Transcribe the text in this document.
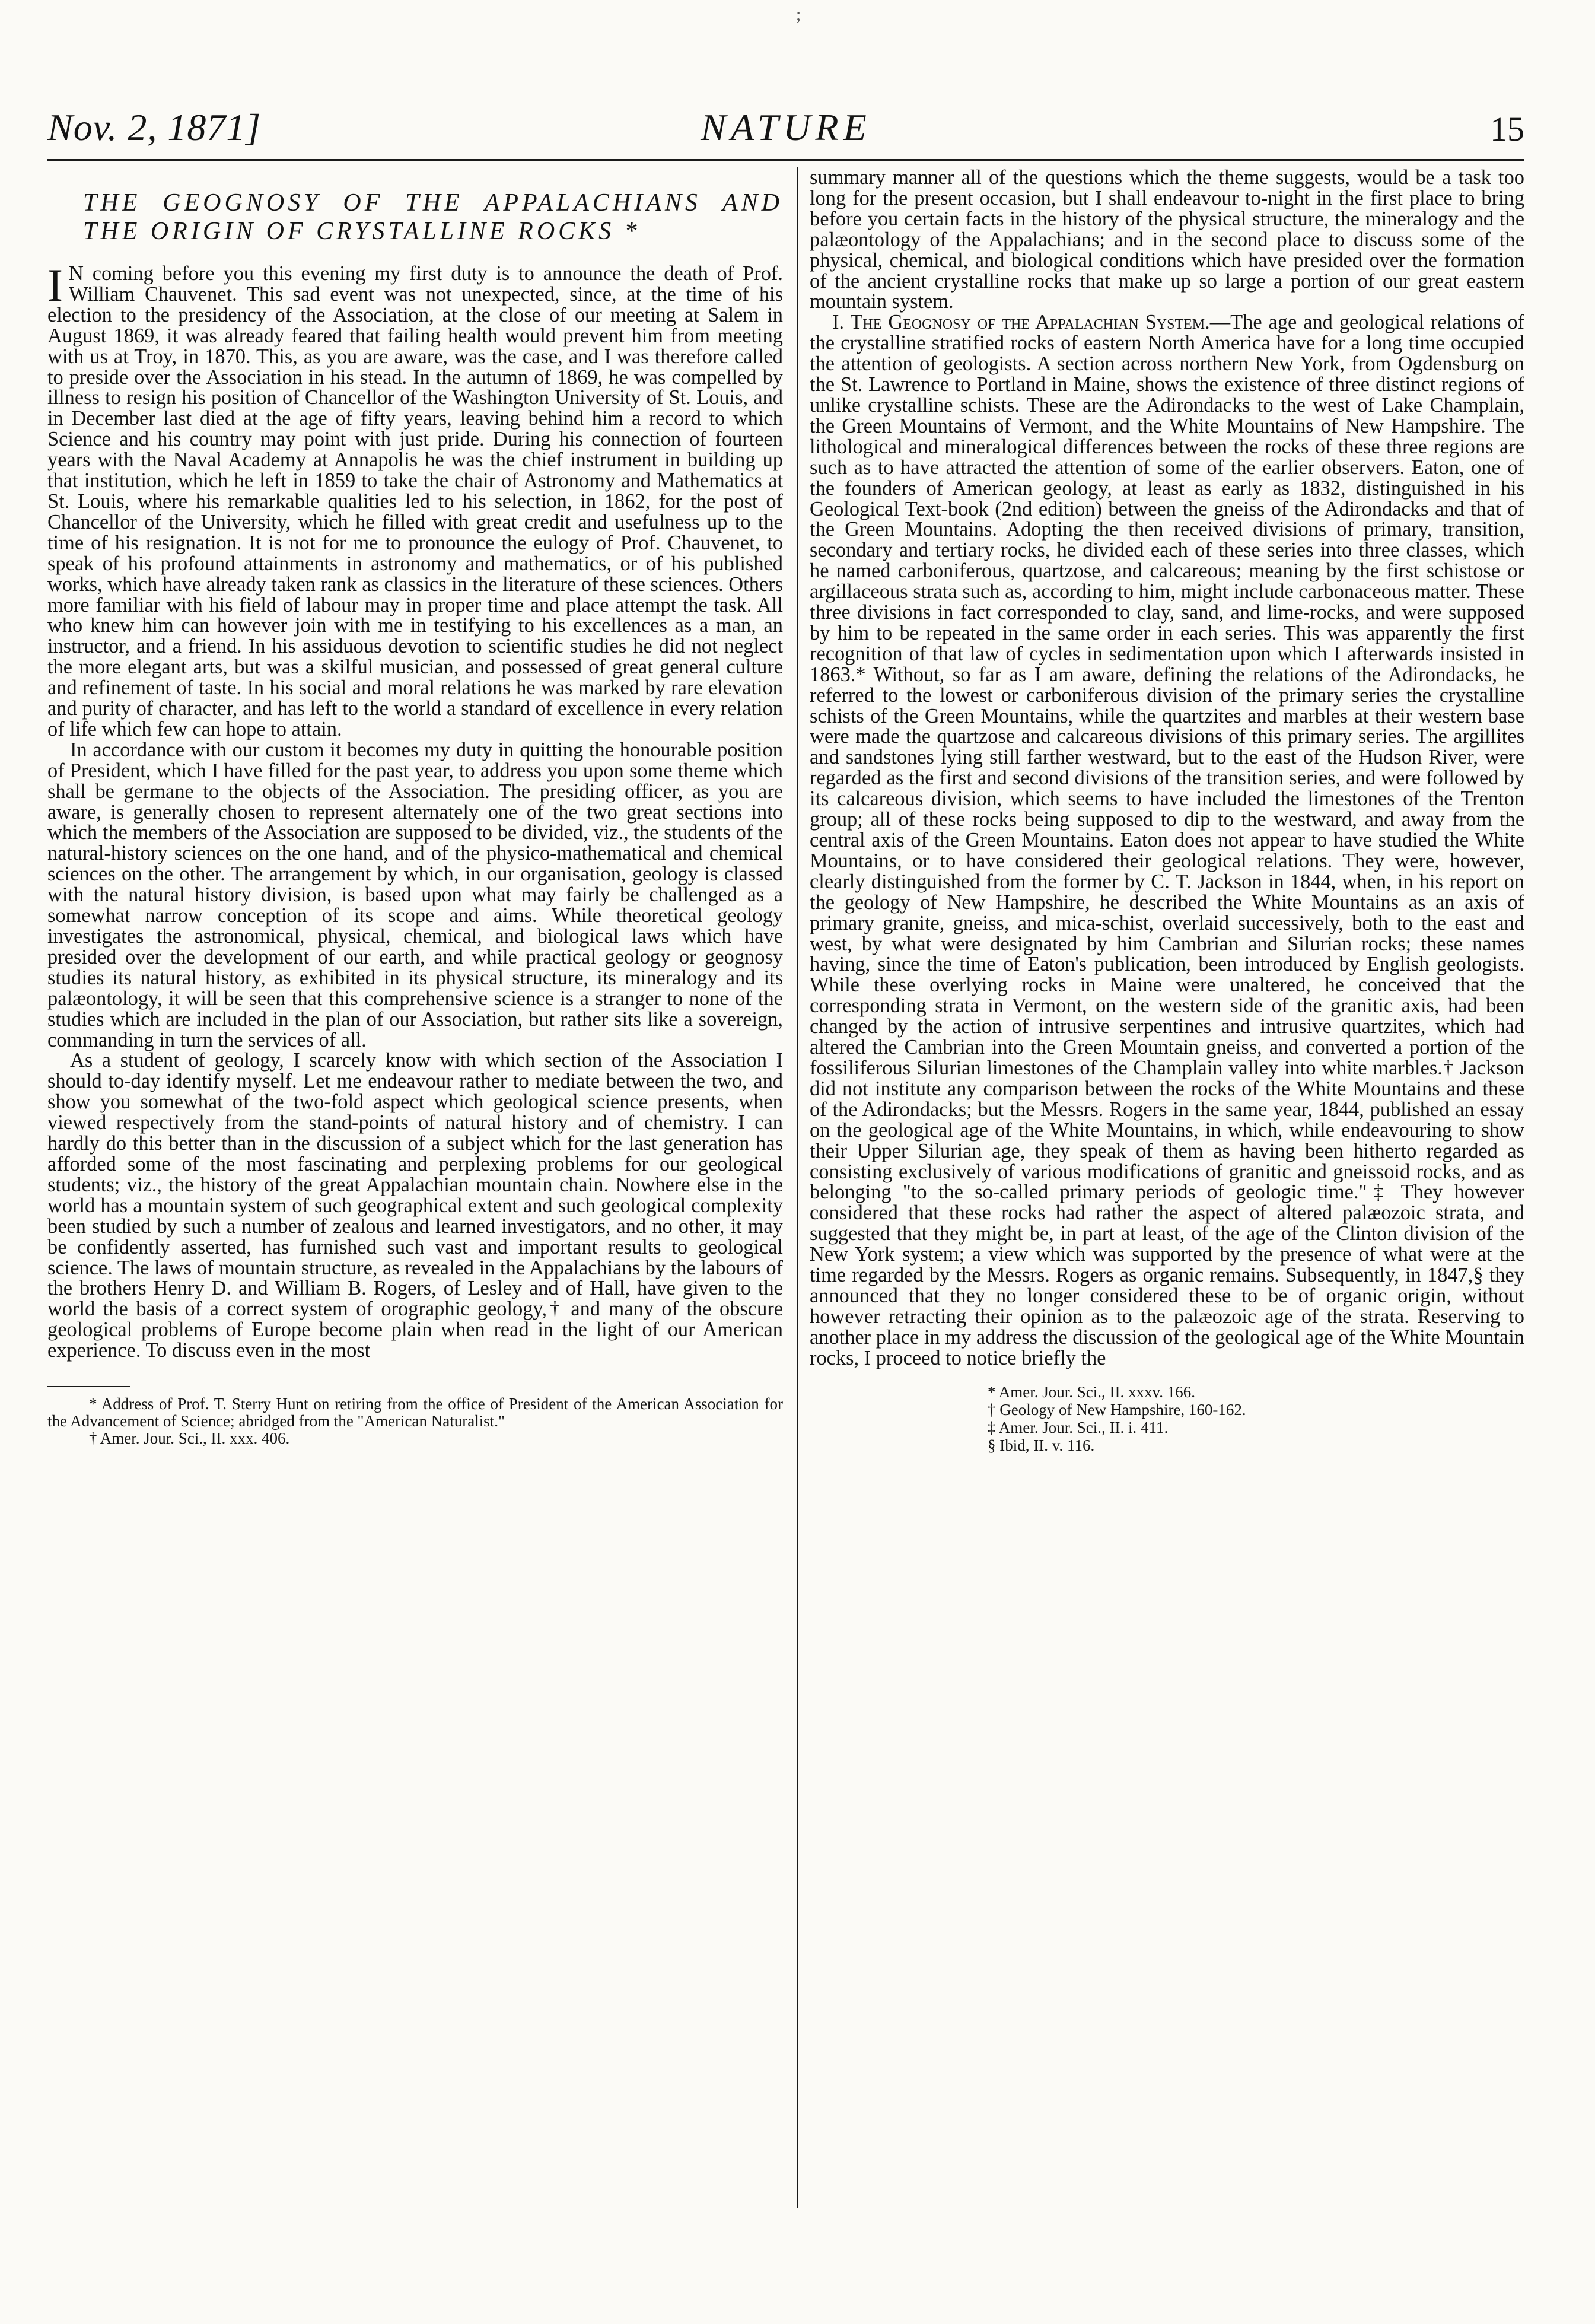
;
NATURE
Nov. 2, 1871]	15
THE GEOGNOSY OF THE APPALACHIANS AND THE ORIGIN OF CRYSTALLINE ROCKS *

I N coming before you this evening my first duty is to announce the death of Prof. William Chauvenet. This sad event was not unexpected, since, at the time of his election to the presidency of the Association, at the close of our meeting at Salem in August 1869, it was already feared that failing health would prevent him from meeting with us at Troy, in 1870. This, as you are aware, was the case, and I was therefore called to preside over the Association in his stead. In the autumn of 1869, he was compelled by illness to resign his position of Chancellor of the Washington University of St. Louis, and in December last died at the age of fifty years, leaving behind him a record to which Science and his country may point with just pride. During his connection of fourteen years with the Naval Academy at Annapolis he was the chief instrument in building up that institution, which he left in 1859 to take the chair of Astronomy and Mathematics at St. Louis, where his remarkable qualities led to his selection, in 1862, for the post of Chancellor of the University, which he filled with great credit and usefulness up to the time of his resignation. It is not for me to pronounce the eulogy of Prof. Chauvenet, to speak of his profound attainments in astronomy and mathematics, or of his published works, which have already taken rank as classics in the literature of these sciences. Others more familiar with his field of labour may in proper time and place attempt the task. All who knew him can however join with me in testifying to his excellences as a man, an instructor, and a friend. In his assiduous devotion to scientific studies he did not neglect the more elegant arts, but was a skilful musician, and possessed of great general culture and refinement of taste. In his social and moral relations he was marked by rare elevation and purity of character, and has left to the world a standard of excellence in every relation of life which few can hope to attain.

In accordance with our custom it becomes my duty in quitting the honourable position of President, which I have filled for the past year, to address you upon some theme which shall be germane to the objects of the Association. The presiding officer, as you are aware, is generally chosen to represent alternately one of the two great sections into which the members of the Association are supposed to be divided, viz., the students of the natural-history sciences on the one hand, and of the physico-mathematical and chemical sciences on the other. The arrangement by which, in our organisation, geology is classed with the natural history division, is based upon what may fairly be challenged as a somewhat narrow conception of its scope and aims. While theoretical geology investigates the astronomical, physical, chemical, and biological laws which have presided over the development of our earth, and while practical geology or geognosy studies its natural history, as exhibited in its physical structure, its mineralogy and its palæontology, it will be seen that this comprehensive science is a stranger to none of the studies which are included in the plan of our Association, but rather sits like a sovereign, commanding in turn the services of all.

As a student of geology, I scarcely know with which section of the Association I should to-day identify myself. Let me endeavour rather to mediate between the two, and show you somewhat of the two-fold aspect which geological science presents, when viewed respectively from the stand-points of natural history and of chemistry. I can hardly do this better than in the discussion of a subject which for the last generation has afforded some of the most fascinating and perplexing problems for our geological students; viz., the history of the great Appalachian mountain chain. Nowhere else in the world has a mountain system of such geographical extent and such geological complexity been studied by such a number of zealous and learned investigators, and no other, it may be confidently asserted, has furnished such vast and important results to geological science. The laws of mountain structure, as revealed in the Appalachians by the labours of the brothers Henry D. and William B. Rogers, of Lesley and of Hall, have given to the world the basis of a correct system of orographic geology,† and many of the obscure geological problems of Europe become plain when read in the light of our American experience. To discuss even in the most

* Address of Prof. T. Sterry Hunt on retiring from the office of President of the American Association for the Advancement of Science; abridged from the "American Naturalist."

† Amer. Jour. Sci., II. xxx. 406.

summary manner all of the questions which the theme suggests, would be a task too long for the present occasion, but I shall endeavour to-night in the first place to bring before you certain facts in the history of the physical structure, the mineralogy and the palæontology of the Appalachians; and in the second place to discuss some of the physical, chemical, and biological conditions which have presided over the formation of the ancient crystalline rocks that make up so large a portion of our great eastern mountain system.

I. The Geognosy of the Appalachian System.—The age and geological relations of the crystalline stratified rocks of eastern North America have for a long time occupied the attention of geologists. A section across northern New York, from Ogdensburg on the St. Lawrence to Portland in Maine, shows the existence of three distinct regions of unlike crystalline schists. These are the Adirondacks to the west of Lake Champlain, the Green Mountains of Vermont, and the White Mountains of New Hampshire. The lithological and mineralogical differences between the rocks of these three regions are such as to have attracted the attention of some of the earlier observers. Eaton, one of the founders of American geology, at least as early as 1832, distinguished in his Geological Text-book (2nd edition) between the gneiss of the Adirondacks and that of the Green Mountains. Adopting the then received divisions of primary, transition, secondary and tertiary rocks, he divided each of these series into three classes, which he named carboniferous, quartzose, and calcareous; meaning by the first schistose or argillaceous strata such as, according to him, might include carbonaceous matter. These three divisions in fact corresponded to clay, sand, and lime-rocks, and were supposed by him to be repeated in the same order in each series. This was apparently the first recognition of that law of cycles in sedimentation upon which I afterwards insisted in 1863.* Without, so far as I am aware, defining the relations of the Adirondacks, he referred to the lowest or carboniferous division of the primary series the crystalline schists of the Green Mountains, while the quartzites and marbles at their western base were made the quartzose and calcareous divisions of this primary series. The argillites and sandstones lying still farther westward, but to the east of the Hudson River, were regarded as the first and second divisions of the transition series, and were followed by its calcareous division, which seems to have included the limestones of the Trenton group; all of these rocks being supposed to dip to the westward, and away from the central axis of the Green Mountains. Eaton does not appear to have studied the White Mountains, or to have considered their geological relations. They were, however, clearly distinguished from the former by C. T. Jackson in 1844, when, in his report on the geology of New Hampshire, he described the White Mountains as an axis of primary granite, gneiss, and mica-schist, overlaid successively, both to the east and west, by what were designated by him Cambrian and Silurian rocks; these names having, since the time of Eaton's publication, been introduced by English geologists. While these overlying rocks in Maine were unaltered, he conceived that the corresponding strata in Vermont, on the western side of the granitic axis, had been changed by the action of intrusive serpentines and intrusive quartzites, which had altered the Cambrian into the Green Mountain gneiss, and converted a portion of the fossiliferous Silurian limestones of the Champlain valley into white marbles.† Jackson did not institute any comparison between the rocks of the White Mountains and these of the Adirondacks; but the Messrs. Rogers in the same year, 1844, published an essay on the geological age of the White Mountains, in which, while endeavouring to show their Upper Silurian age, they speak of them as having been hitherto regarded as consisting exclusively of various modifications of granitic and gneissoid rocks, and as belonging "to the so-called primary periods of geologic time."‡ They however considered that these rocks had rather the aspect of altered palæozoic strata, and suggested that they might be, in part at least, of the age of the Clinton division of the New York system; a view which was supported by the presence of what were at the time regarded by the Messrs. Rogers as organic remains. Subsequently, in 1847,§ they announced that they no longer considered these to be of organic origin, without however retracting their opinion as to the palæozoic age of the strata. Reserving to another place in my address the discussion of the geological age of the White Mountain rocks, I proceed to notice briefly the

* Amer. Jour. Sci., II. xxxv. 166.

† Geology of New Hampshire, 160-162.

‡ Amer. Jour. Sci., II. i. 411.

§ Ibid, II. v. 116.
